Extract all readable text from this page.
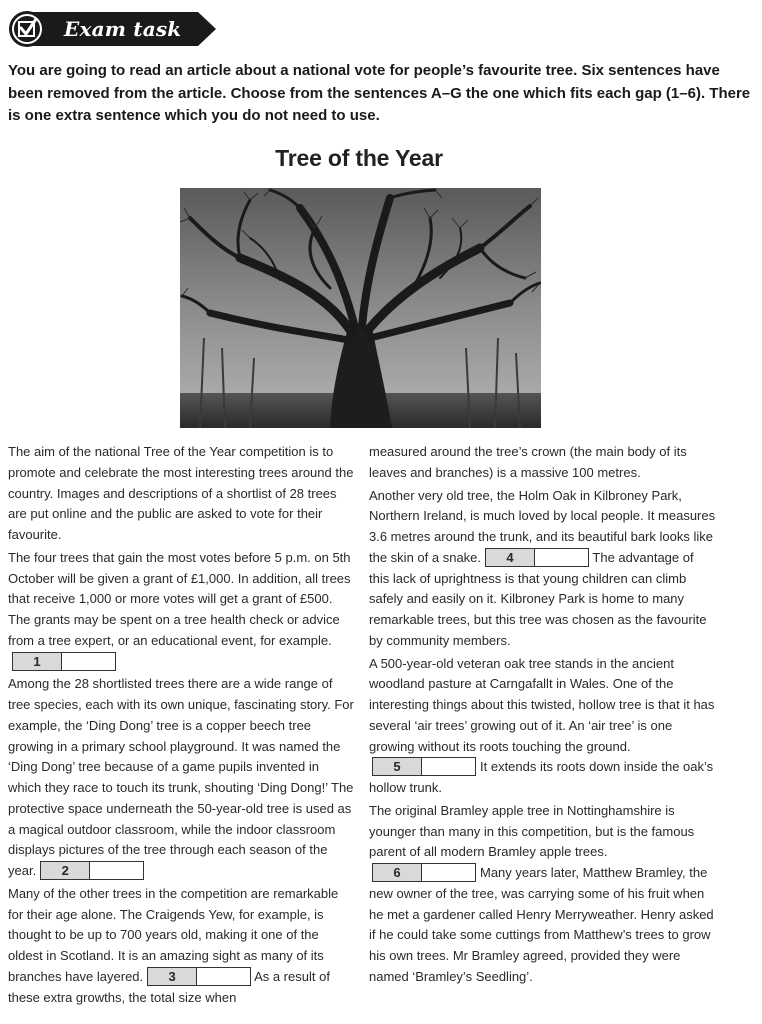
Exam task
You are going to read an article about a national vote for people’s favourite tree. Six sentences have been removed from the article. Choose from the sentences A–G the one which fits each gap (1–6). There is one extra sentence which you do not need to use.
Tree of the Year

The aim of the national Tree of the Year competition is to promote and celebrate the most interesting trees around the country. Images and descriptions of a shortlist of 28 trees are put online and the public are asked to vote for their favourite.

The four trees that gain the most votes before 5 p.m. on 5th October will be given a grant of £1,000. In addition, all trees that receive 1,000 or more votes will get a grant of £500. The grants may be spent on a tree health check or advice from a tree expert, or an educational event, for example.1

Among the 28 shortlisted trees there are a wide range of tree species, each with its own unique, fascinating story. For example, the ‘Ding Dong’ tree is a copper beech tree growing in a primary school playground. It was named the ‘Ding Dong’ tree because of a game pupils invented in which they race to touch its trunk, shouting ‘Ding Dong!’ The protective space underneath the 50-year-old tree is used as a magical outdoor classroom, while the indoor classroom displays pictures of the tree through each season of the year. 2

Many of the other trees in the competition are remarkable for their age alone. The Craigends Yew, for example, is thought to be up to 700 years old, making it one of the oldest in Scotland. It is an amazing sight as many of its branches have layered. 3	As a result of these extra growths, the total size when

measured around the tree’s crown (the main body of its leaves and branches) is a massive 100 metres.

Another very old tree, the Holm Oak in Kilbroney Park, Northern Ireland, is much loved by local people. It measures 3.6 metres around the trunk, and its beautiful bark looks like the skin of a snake. 4	The advantage of this lack of uprightness is that young children can climb safely and easily on it. Kilbroney Park is home to many remarkable trees, but this tree was chosen as the favourite by community members.

A 500-year-old veteran oak tree stands in the ancient woodland pasture at Carngafallt in Wales. One of the interesting things about this twisted, hollow tree is that it has several ‘air trees’ growing out of it. An ‘air tree’ is one growing without its roots touching the ground. 5	It extends its roots down inside the oak’s hollow trunk.

The original Bramley apple tree in Nottinghamshire is younger than many in this competition, but is the famous parent of all modern Bramley apple trees.6	Many years later, Matthew Bramley, the new owner of the tree, was carrying some of his fruit when he met a gardener called Henry Merryweather. Henry asked if he could take some cuttings from Matthew’s trees to grow his own trees. Mr Bramley agreed, provided they were named ‘Bramley’s Seedling’.
